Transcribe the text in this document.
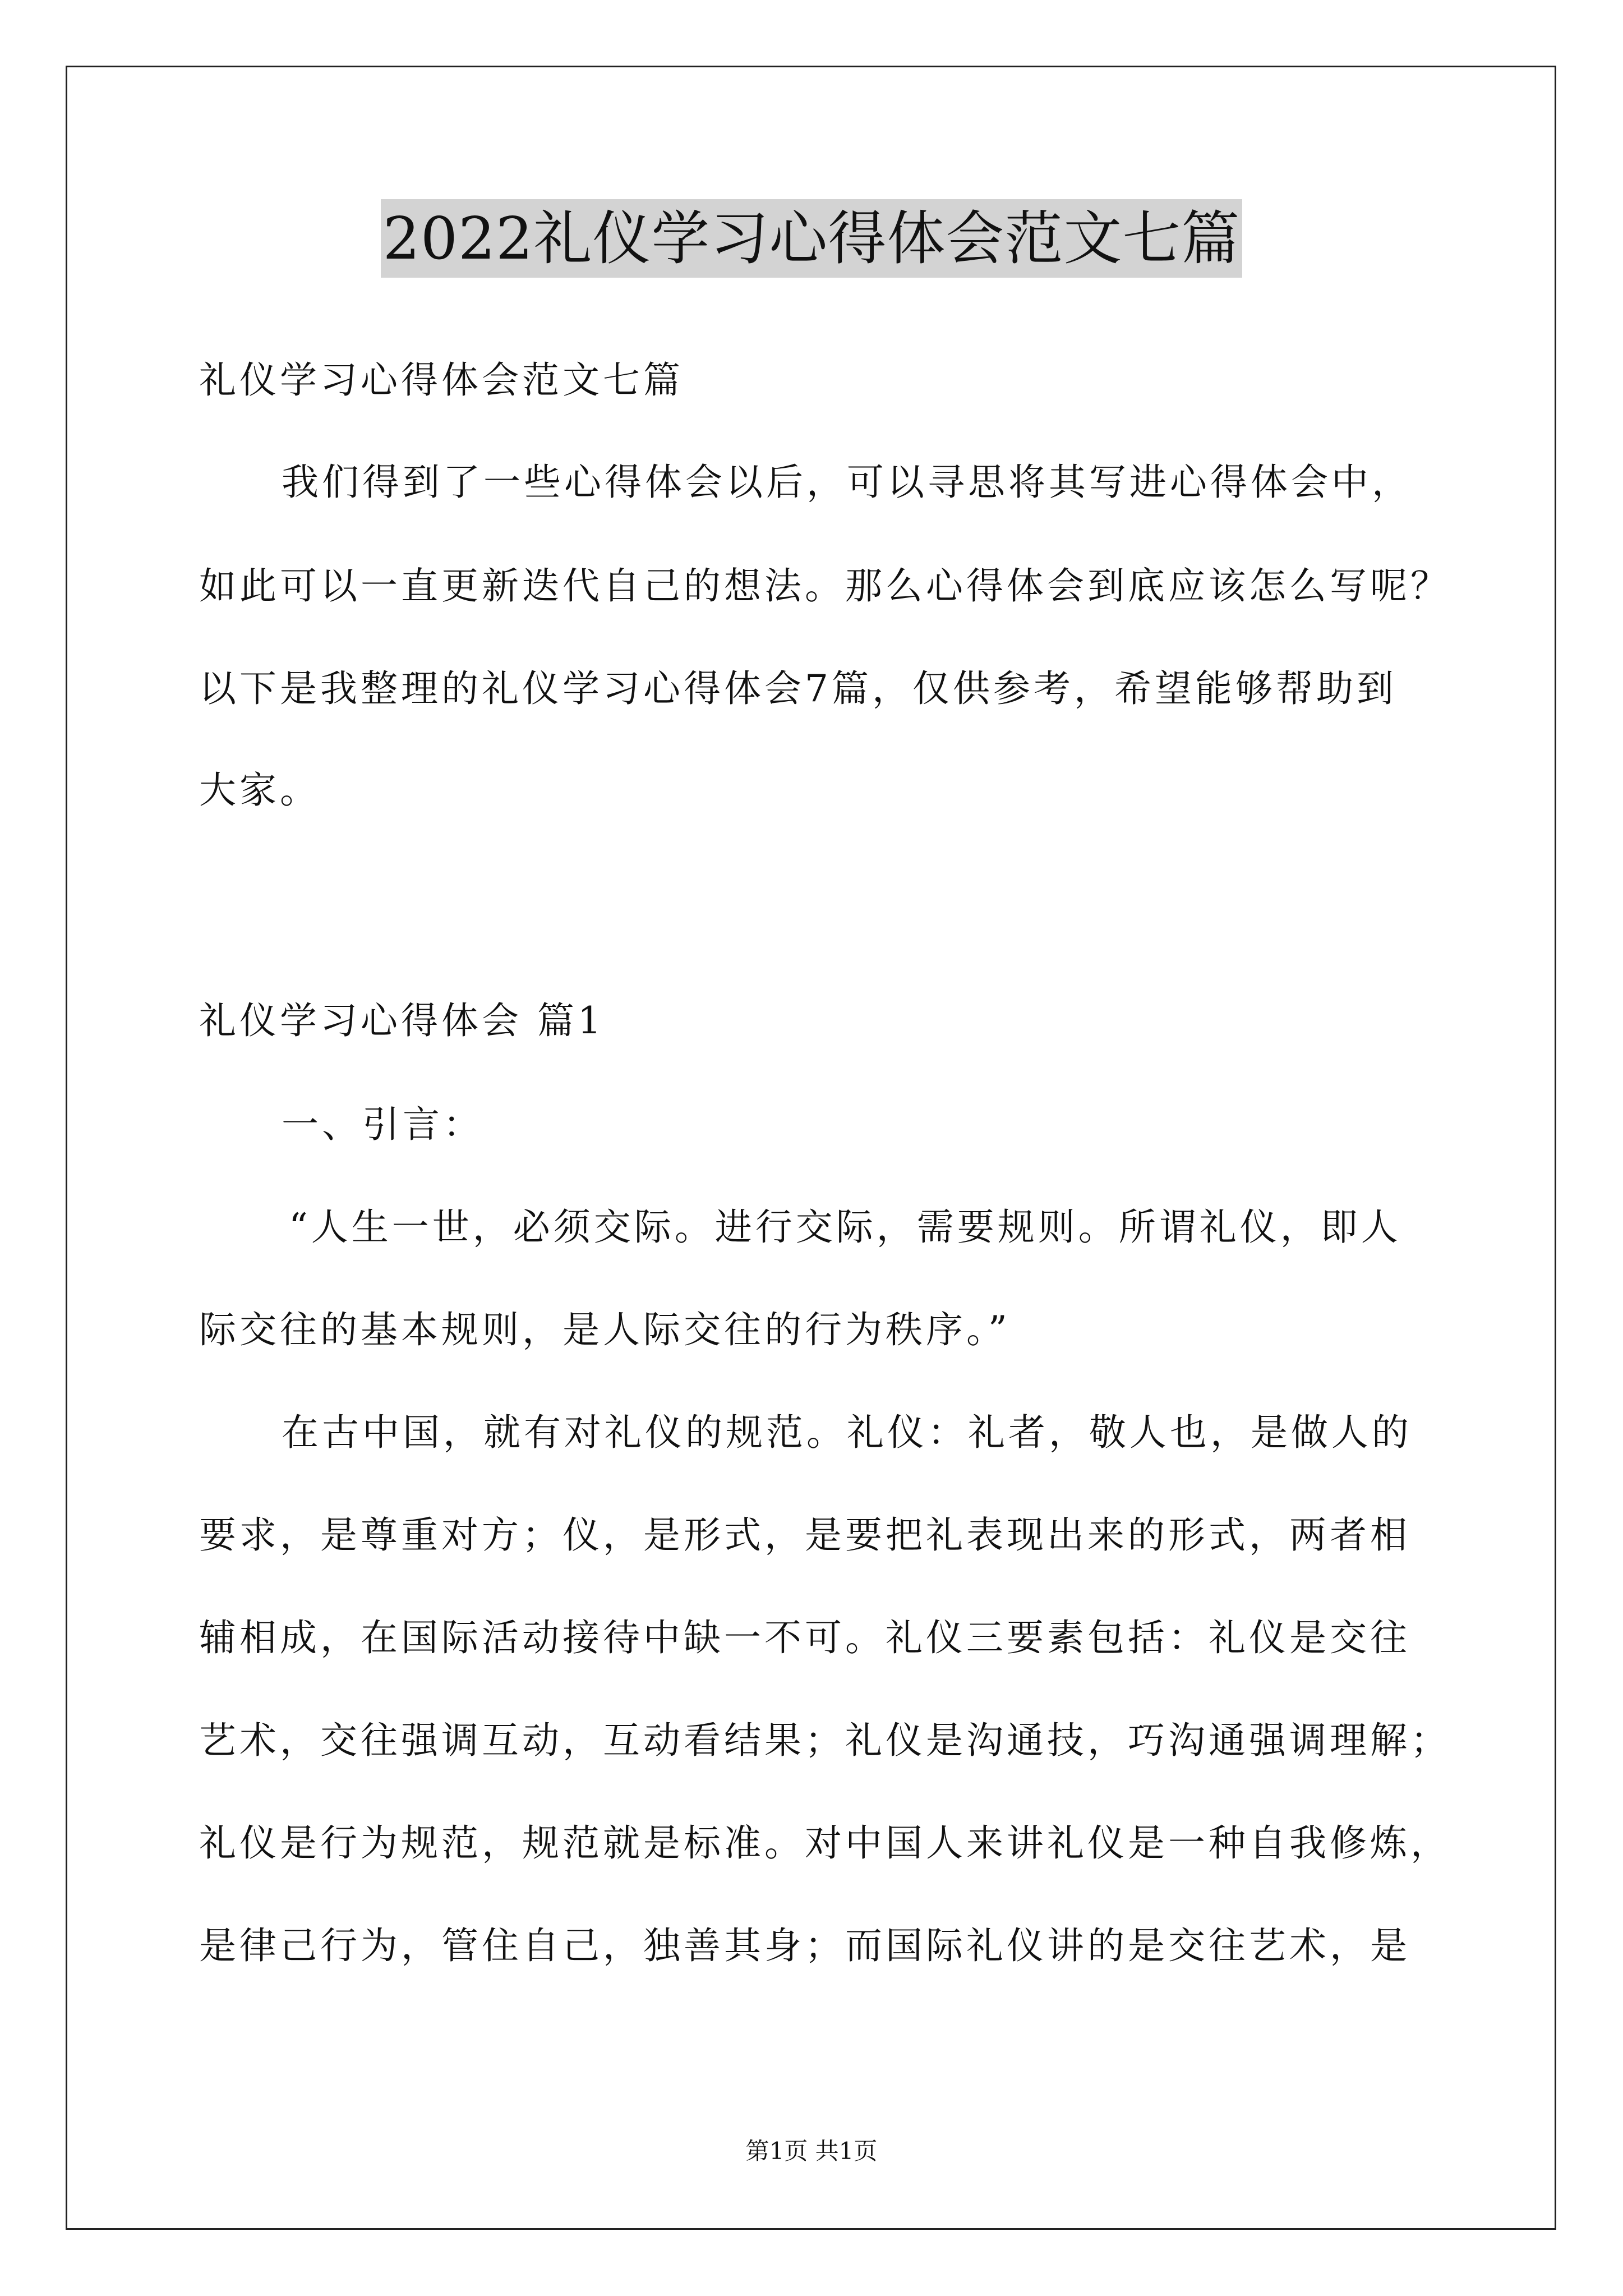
2022礼仪学习心得体会范文七篇
礼仪学习心得体会范文七篇
我们得到了一些心得体会以后，可以寻思将其写进心得体会中，
如此可以一直更新迭代自己的想法。那么心得体会到底应该怎么写呢？
以下是我整理的礼仪学习心得体会7篇，仅供参考，希望能够帮助到
大家。
礼仪学习心得体会 篇1
一、引言：
“人生一世，必须交际。进行交际，需要规则。所谓礼仪，即人
际交往的基本规则，是人际交往的行为秩序。”
在古中国，就有对礼仪的规范。礼仪：礼者，敬人也，是做人的
要求，是尊重对方；仪，是形式，是要把礼表现出来的形式，两者相
辅相成，在国际活动接待中缺一不可。礼仪三要素包括：礼仪是交往
艺术，交往强调互动，互动看结果；礼仪是沟通技，巧沟通强调理解；
礼仪是行为规范，规范就是标准。对中国人来讲礼仪是一种自我修炼，
是律己行为，管住自己，独善其身；而国际礼仪讲的是交往艺术，是
第1页 共1页
